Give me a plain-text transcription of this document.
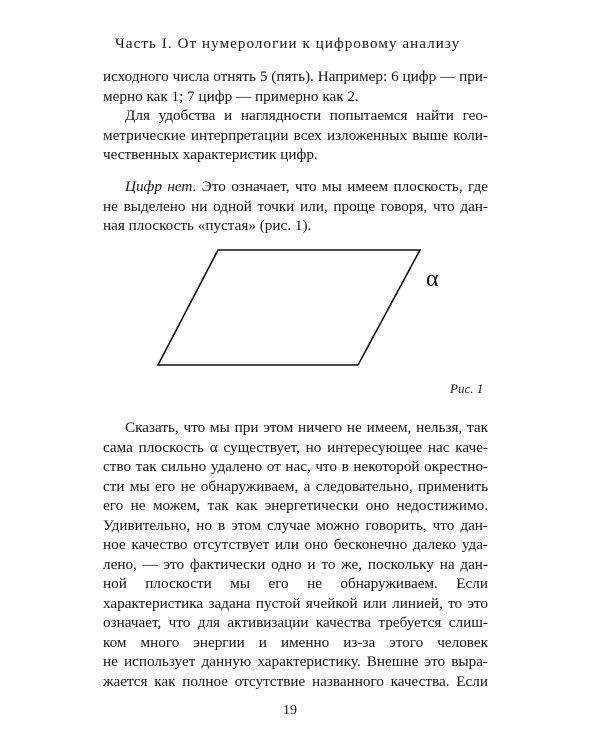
Часть I. От нумерологии к цифровому анализу
исходного числа отнять 5 (пять). Например: 6 цифр — при-
мерно как 1; 7 цифр — примерно как 2.
Для удобства и наглядности попытаемся найти гео-
метрические интерпретации всех изложенных выше коли-
чественных характеристик цифр.
Цифр нет. Это означает, что мы имеем плоскость, где
не выделено ни одной точки или, проще говоря, что дан-
ная плоскость «пустая» (рис. 1).
α
Рис. 1
Сказать, что мы при этом ничего не имеем, нельзя, так
сама плоскость α существует, но интересующее нас каче-
ство так сильно удалено от нас, что в некоторой окрестно-
сти мы его не обнаруживаем, а следовательно, применить
его не можем, так как энергетически оно недостижимо.
Удивительно, но в этом случае можно говорить, что дан-
ное качество отсутствует или оно бесконечно далеко уда-
лено, — это фактически одно и то же, поскольку на дан-
ной плоскости мы его не обнаруживаем. Если
характеристика задана пустой ячейкой или линией, то это
означает, что для активизации качества требуется слиш-
ком много энергии и именно из-за этого человек
не использует данную характеристику. Внешне это выра-
жается как полное отсутствие названного качества. Если
19
